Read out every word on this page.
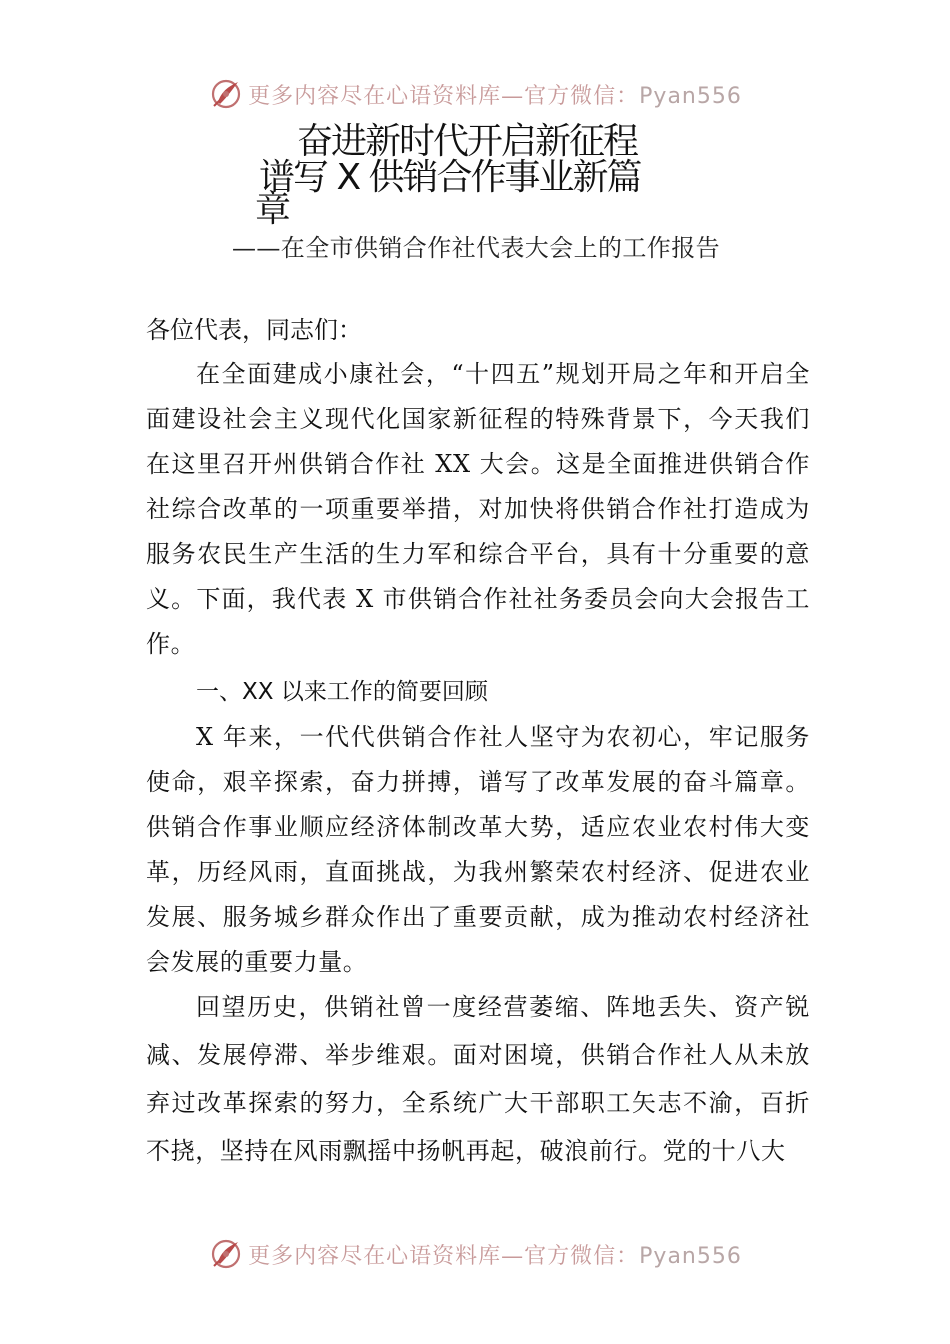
更多内容尽在心语资料库—官方微信：Pyan556
奋进新时代开启新征程
谱写 X 供销合作事业新篇
章
——在全市供销合作社代表大会上的工作报告

各位代表，同志们：

在全面建成小康社会，“十四五”规划开局之年和开启全面建设社会主义现代化国家新征程的特殊背景下，今天我们在这里召开州供销合作社 XX 大会。这是全面推进供销合作社综合改革的一项重要举措，对加快将供销合作社打造成为服务农民生产生活的生力军和综合平台，具有十分重要的意义。下面，我代表 X 市供销合作社社务委员会向大会报告工作。

一、XX 以来工作的简要回顾

X 年来，一代代供销合作社人坚守为农初心，牢记服务使命，艰辛探索，奋力拼搏，谱写了改革发展的奋斗篇章。供销合作事业顺应经济体制改革大势，适应农业农村伟大变革，历经风雨，直面挑战，为我州繁荣农村经济、促进农业发展、服务城乡群众作出了重要贡献，成为推动农村经济社会发展的重要力量。

回望历史，供销社曾一度经营萎缩、阵地丢失、资产锐减、发展停滞、举步维艰。面对困境，供销合作社人从未放弃过改革探索的努力，全系统广大干部职工矢志不渝，百折不挠，坚持在风雨飘摇中扬帆再起，破浪前行。党的十八大

更多内容尽在心语资料库—官方微信：Pyan556
